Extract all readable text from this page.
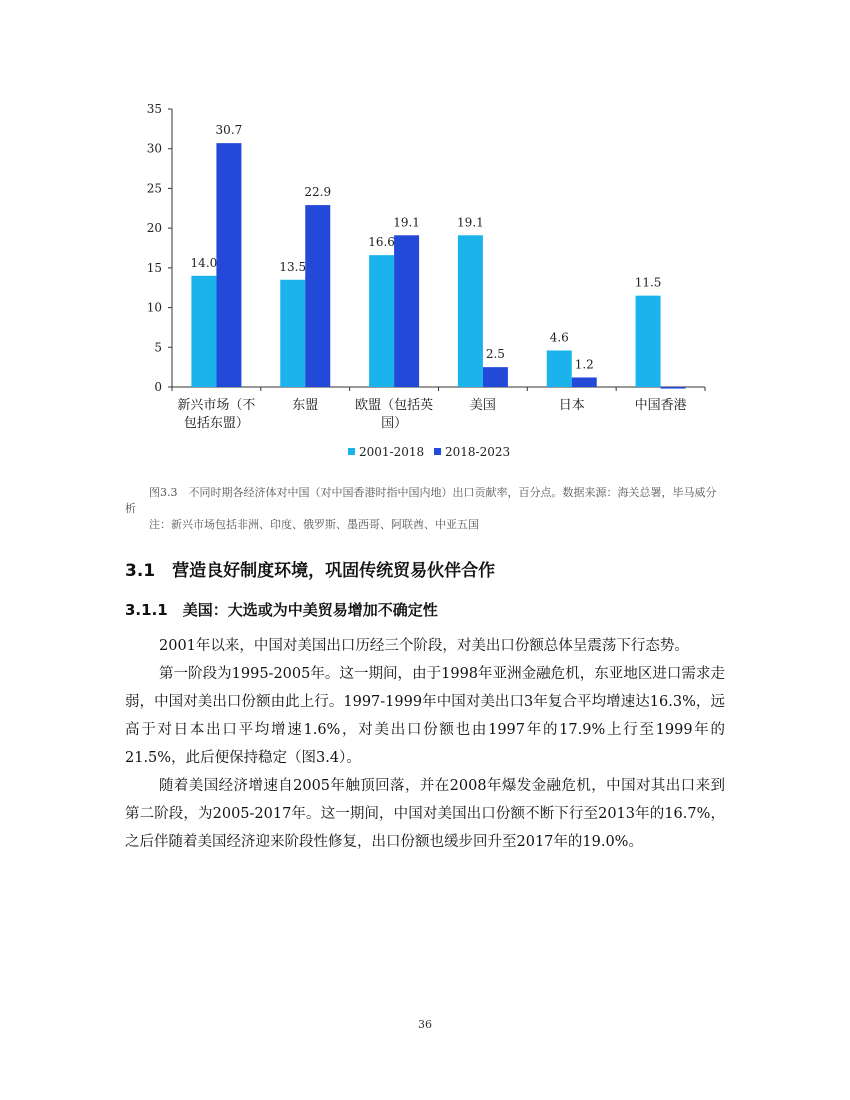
0
5
10
15
20
25
30
35
14.0
30.7
13.5
22.9
16.6
19.1	19.1
2.5
4.6
1.2
11.5
新兴市场（不
包括东盟）
东盟	欧盟（包括英
国）
美国	日本	中国香港
2001-2018 2018-2023
图3.3　不同时期各经济体对中国（对中国香港时指中国内地）出口贡献率，百分点。数据来源：海关总署，毕马威分析
注：新兴市场包括非洲、印度、俄罗斯、墨西哥、阿联酋、中亚五国
3.1　营造良好制度环境，巩固传统贸易伙伴合作
3.1.1　美国：大选或为中美贸易增加不确定性

2001年以来，中国对美国出口历经三个阶段，对美出口份额总体呈震荡下行态势。

第一阶段为1995-2005年。这一期间，由于1998年亚洲金融危机，东亚地区进口需求走弱，中国对美出口份额由此上行。1997-1999年中国对美出口3年复合平均增速达16.3%，远高于对日本出口平均增速1.6%，对美出口份额也由1997年的17.9%上行至1999年的21.5%，此后便保持稳定（图3.4）。

随着美国经济增速自2005年触顶回落，并在2008年爆发金融危机，中国对其出口来到第二阶段，为2005-2017年。这一期间，中国对美国出口份额不断下行至2013年的16.7%，之后伴随着美国经济迎来阶段性修复，出口份额也缓步回升至2017年的19.0%。

36
